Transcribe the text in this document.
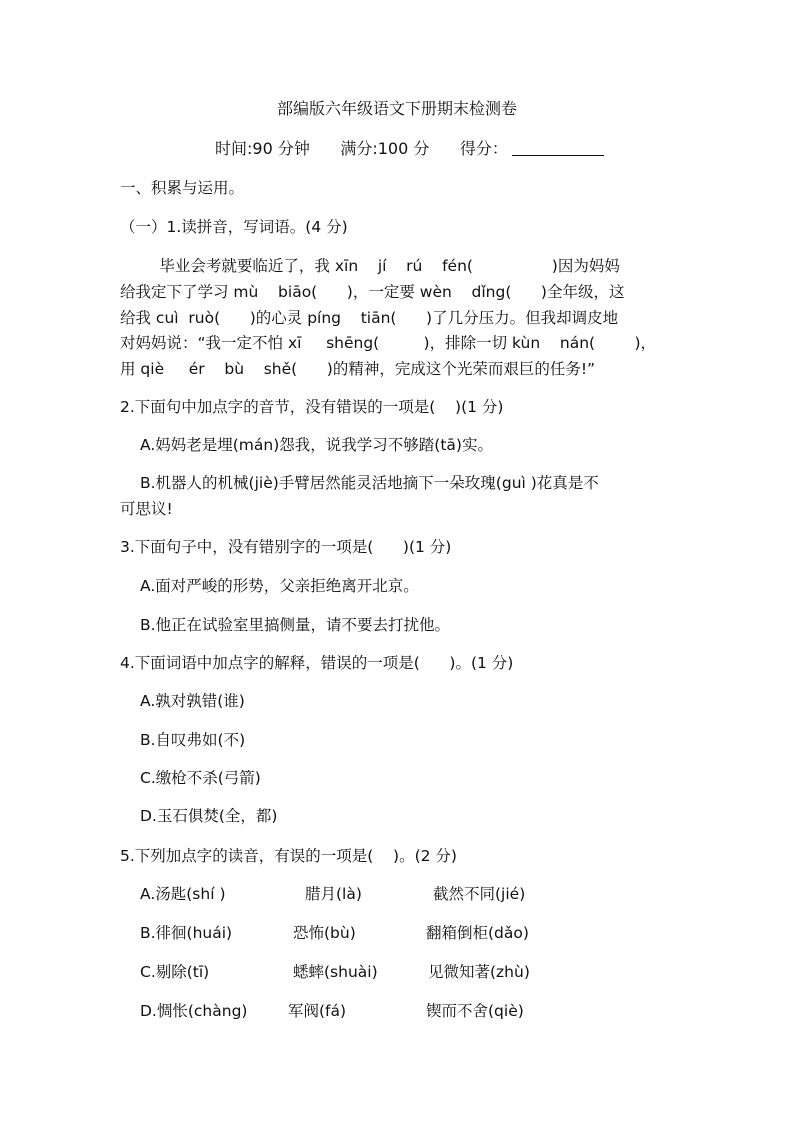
部编版六年级语文下册期末检测卷
时间:90 分钟 满分:100 分 得分：
一、积累与运用。
（一）1.读拼音，写词语。(4 分)
毕业会考就要临近了，我 xīn    jí    rú    fén(                )因为妈妈
给我定下了学习 mù    biāo(      )，一定要 wèn    dǐng(      )全年级，这
给我 cuì  ruò(      )的心灵 píng    tiān(      )了几分压力。但我却调皮地
对妈妈说：“我一定不怕 xī     shēng(         )，排除一切 kùn    nán(        )，
用 qiè     ér    bù    shě(      )的精神，完成这个光荣而艰巨的任务!”
2.下面句中加点字的音节，没有错误的一项是(    )(1 分)
A.妈妈老是埋(mán)怨我，说我学习不够踏(tā)实。
B.机器人的机械(jiè)手臂居然能灵活地摘下一朵玫瑰(guì )花真是不
可思议!
3.下面句子中，没有错别字的一项是(      )(1 分)
A.面对严峻的形势，父亲拒绝离开北京。
B.他正在试验室里搞侧量，请不要去打扰他。
4.下面词语中加点字的解释，错误的一项是(      )。(1 分)
A.孰对孰错(谁)
B.自叹弗如(不)
C.缴枪不杀(弓箭)
D.玉石俱焚(全，都)
5.下列加点字的读音，有误的一项是(    )。(2 分)
A.汤匙(shí )	腊月(là)	截然不同(jié)
B.徘徊(huái)	恐怖(bù)	翻箱倒柜(dǎo)
C.剔除(tī)	蟋蟀(shuài)	见微知著(zhù)
D.惆怅(chàng)	军阀(fá)	锲而不舍(qiè)
